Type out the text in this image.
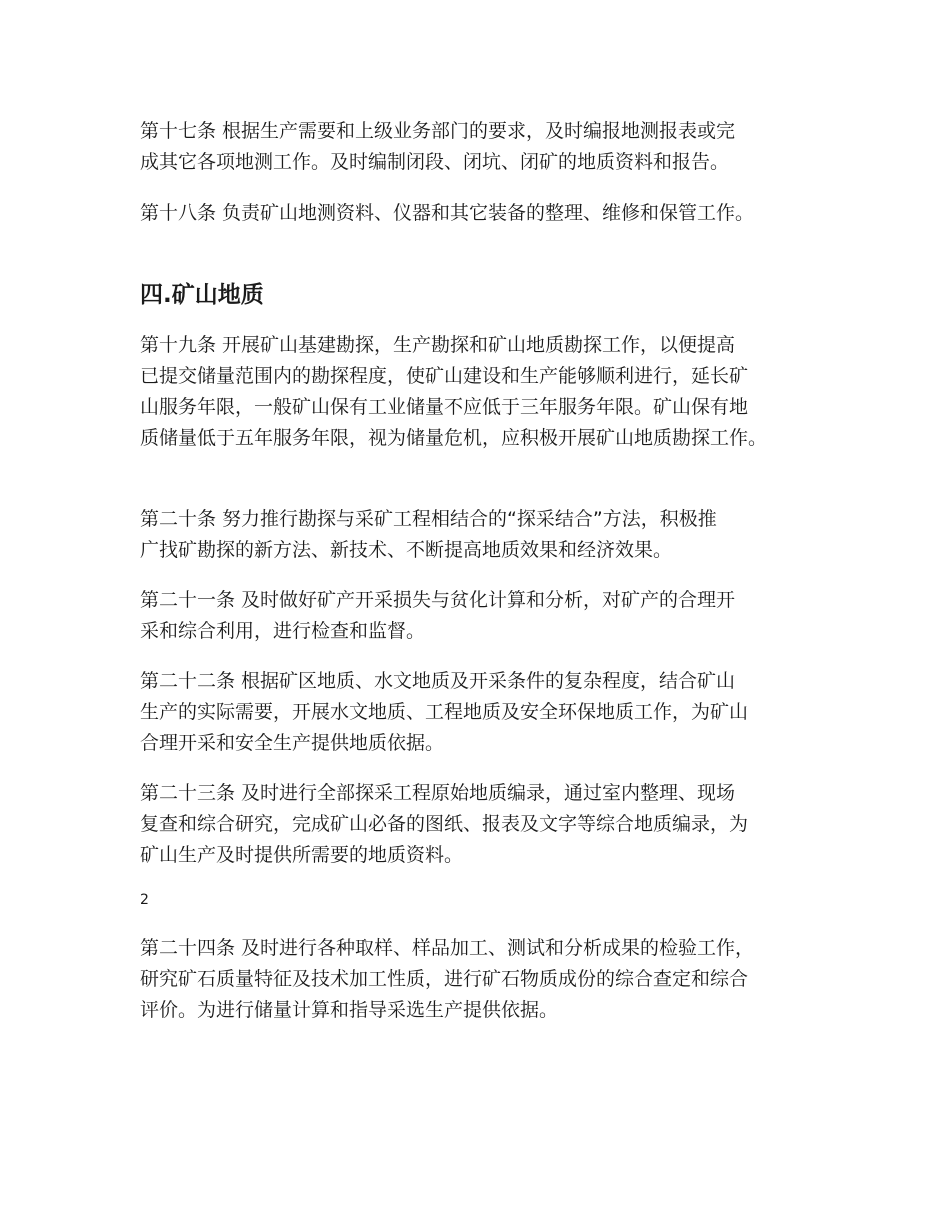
第十七条 根据生产需要和上级业务部门的要求，及时编报地测报表或完
成其它各项地测工作。及时编制闭段、闭坑、闭矿的地质资料和报告。

第十八条 负责矿山地测资料、仪器和其它装备的整理、维修和保管工作。

四.矿山地质

第十九条 开展矿山基建勘探，生产勘探和矿山地质勘探工作，以便提高
已提交储量范围内的勘探程度，使矿山建设和生产能够顺利进行，延长矿
山服务年限，一般矿山保有工业储量不应低于三年服务年限。矿山保有地
质储量低于五年服务年限，视为储量危机，应积极开展矿山地质勘探工作。

第二十条 努力推行勘探与采矿工程相结合的“探采结合”方法，积极推
广找矿勘探的新方法、新技术、不断提高地质效果和经济效果。

第二十一条 及时做好矿产开采损失与贫化计算和分析，对矿产的合理开
采和综合利用，进行检查和监督。

第二十二条 根据矿区地质、水文地质及开采条件的复杂程度，结合矿山
生产的实际需要，开展水文地质、工程地质及安全环保地质工作，为矿山
合理开采和安全生产提供地质依据。

第二十三条 及时进行全部探采工程原始地质编录，通过室内整理、现场
复查和综合研究，完成矿山必备的图纸、报表及文字等综合地质编录，为
矿山生产及时提供所需要的地质资料。

2

第二十四条 及时进行各种取样、样品加工、测试和分析成果的检验工作，
研究矿石质量特征及技术加工性质，进行矿石物质成份的综合查定和综合
评价。为进行储量计算和指导采选生产提供依据。
